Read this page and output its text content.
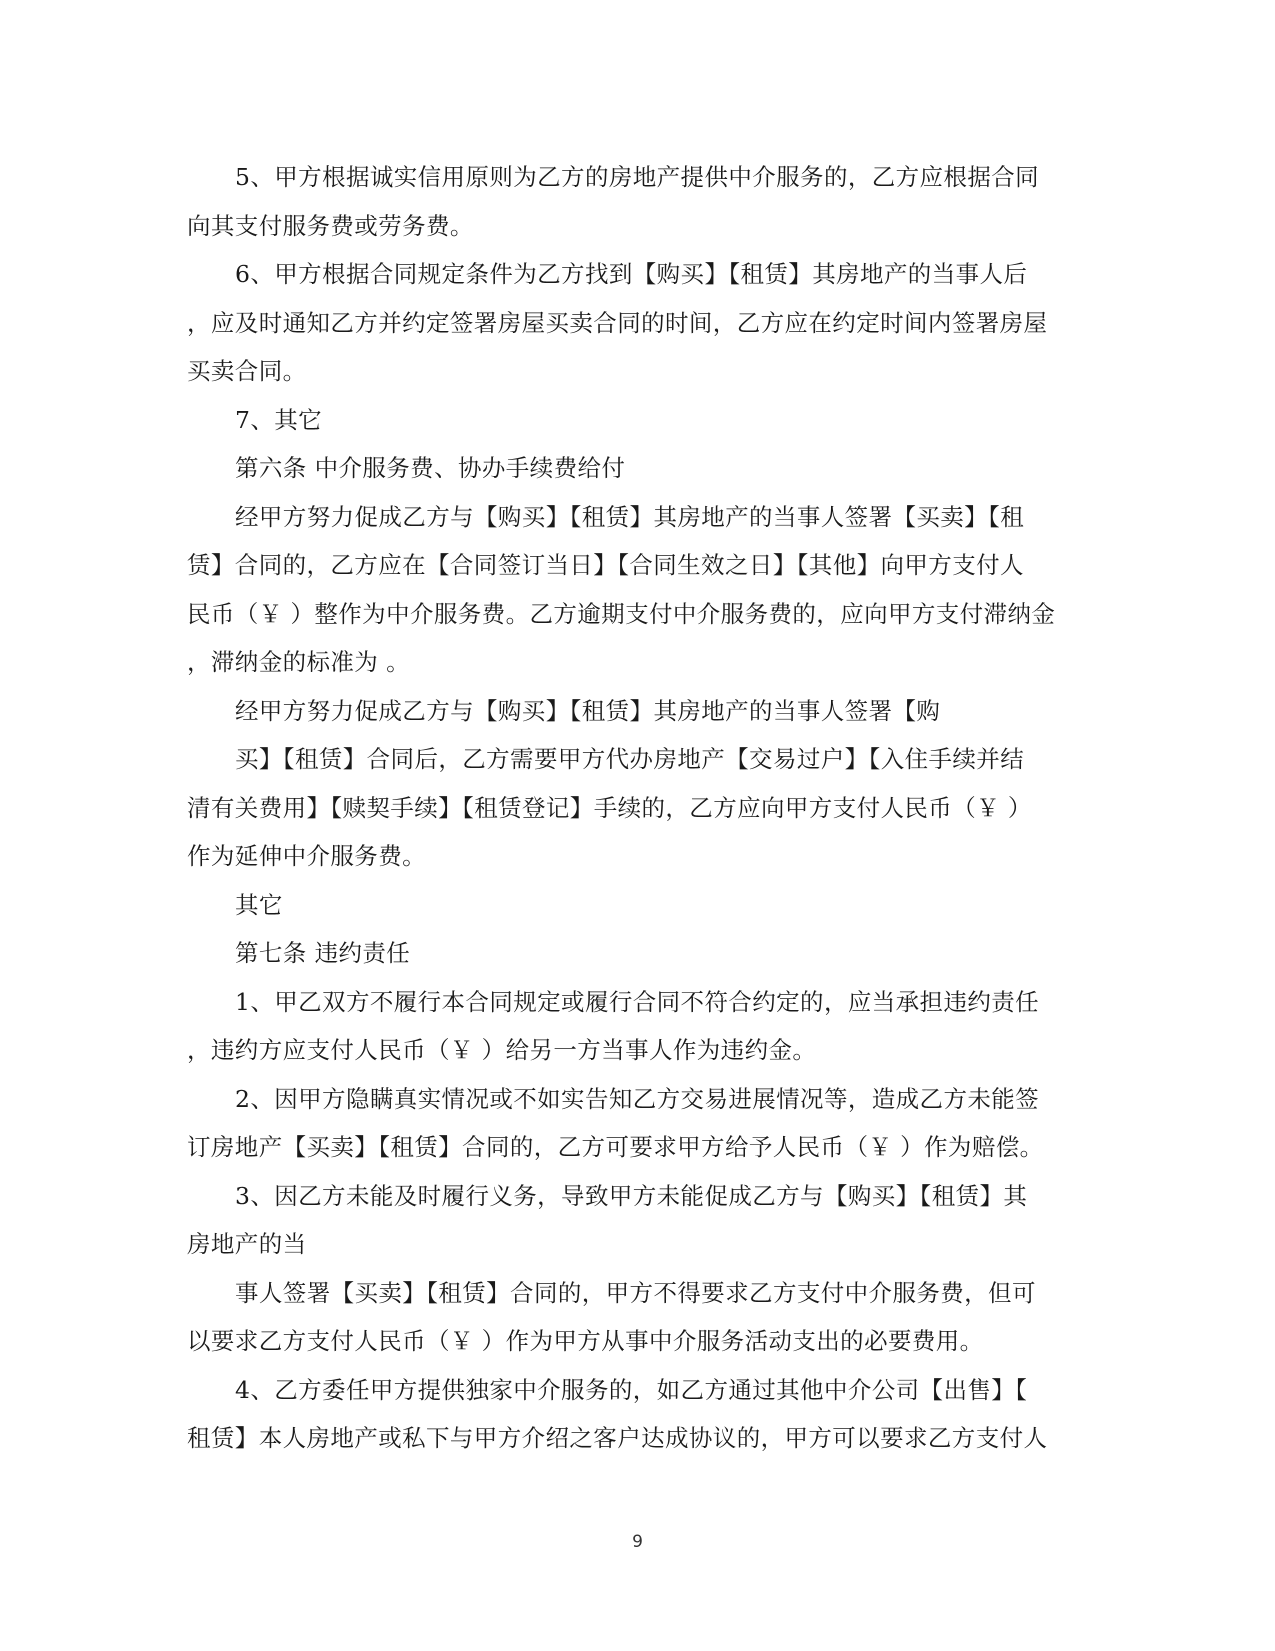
5、甲方根据诚实信用原则为乙方的房地产提供中介服务的，乙方应根据合同
向其支付服务费或劳务费。
6、甲方根据合同规定条件为乙方找到【购买】【租赁】其房地产的当事人后
，应及时通知乙方并约定签署房屋买卖合同的时间，乙方应在约定时间内签署房屋
买卖合同。
7、其它
第六条 中介服务费、协办手续费给付
经甲方努力促成乙方与【购买】【租赁】其房地产的当事人签署【买卖】【租
赁】合同的，乙方应在【合同签订当日】【合同生效之日】【其他】向甲方支付人
民币（￥ ）整作为中介服务费。乙方逾期支付中介服务费的，应向甲方支付滞纳金
，滞纳金的标准为 。
经甲方努力促成乙方与【购买】【租赁】其房地产的当事人签署【购
买】【租赁】合同后，乙方需要甲方代办房地产【交易过户】【入住手续并结
清有关费用】【赎契手续】【租赁登记】手续的，乙方应向甲方支付人民币（￥ ）
作为延伸中介服务费。
其它
第七条 违约责任
1、甲乙双方不履行本合同规定或履行合同不符合约定的，应当承担违约责任
，违约方应支付人民币（￥ ）给另一方当事人作为违约金。
2、因甲方隐瞒真实情况或不如实告知乙方交易进展情况等，造成乙方未能签
订房地产【买卖】【租赁】合同的，乙方可要求甲方给予人民币（￥ ）作为赔偿。
3、因乙方未能及时履行义务，导致甲方未能促成乙方与【购买】【租赁】其
房地产的当
事人签署【买卖】【租赁】合同的，甲方不得要求乙方支付中介服务费，但可
以要求乙方支付人民币（￥ ）作为甲方从事中介服务活动支出的必要费用。
4、乙方委任甲方提供独家中介服务的，如乙方通过其他中介公司【出售】【
租赁】本人房地产或私下与甲方介绍之客户达成协议的，甲方可以要求乙方支付人
9
